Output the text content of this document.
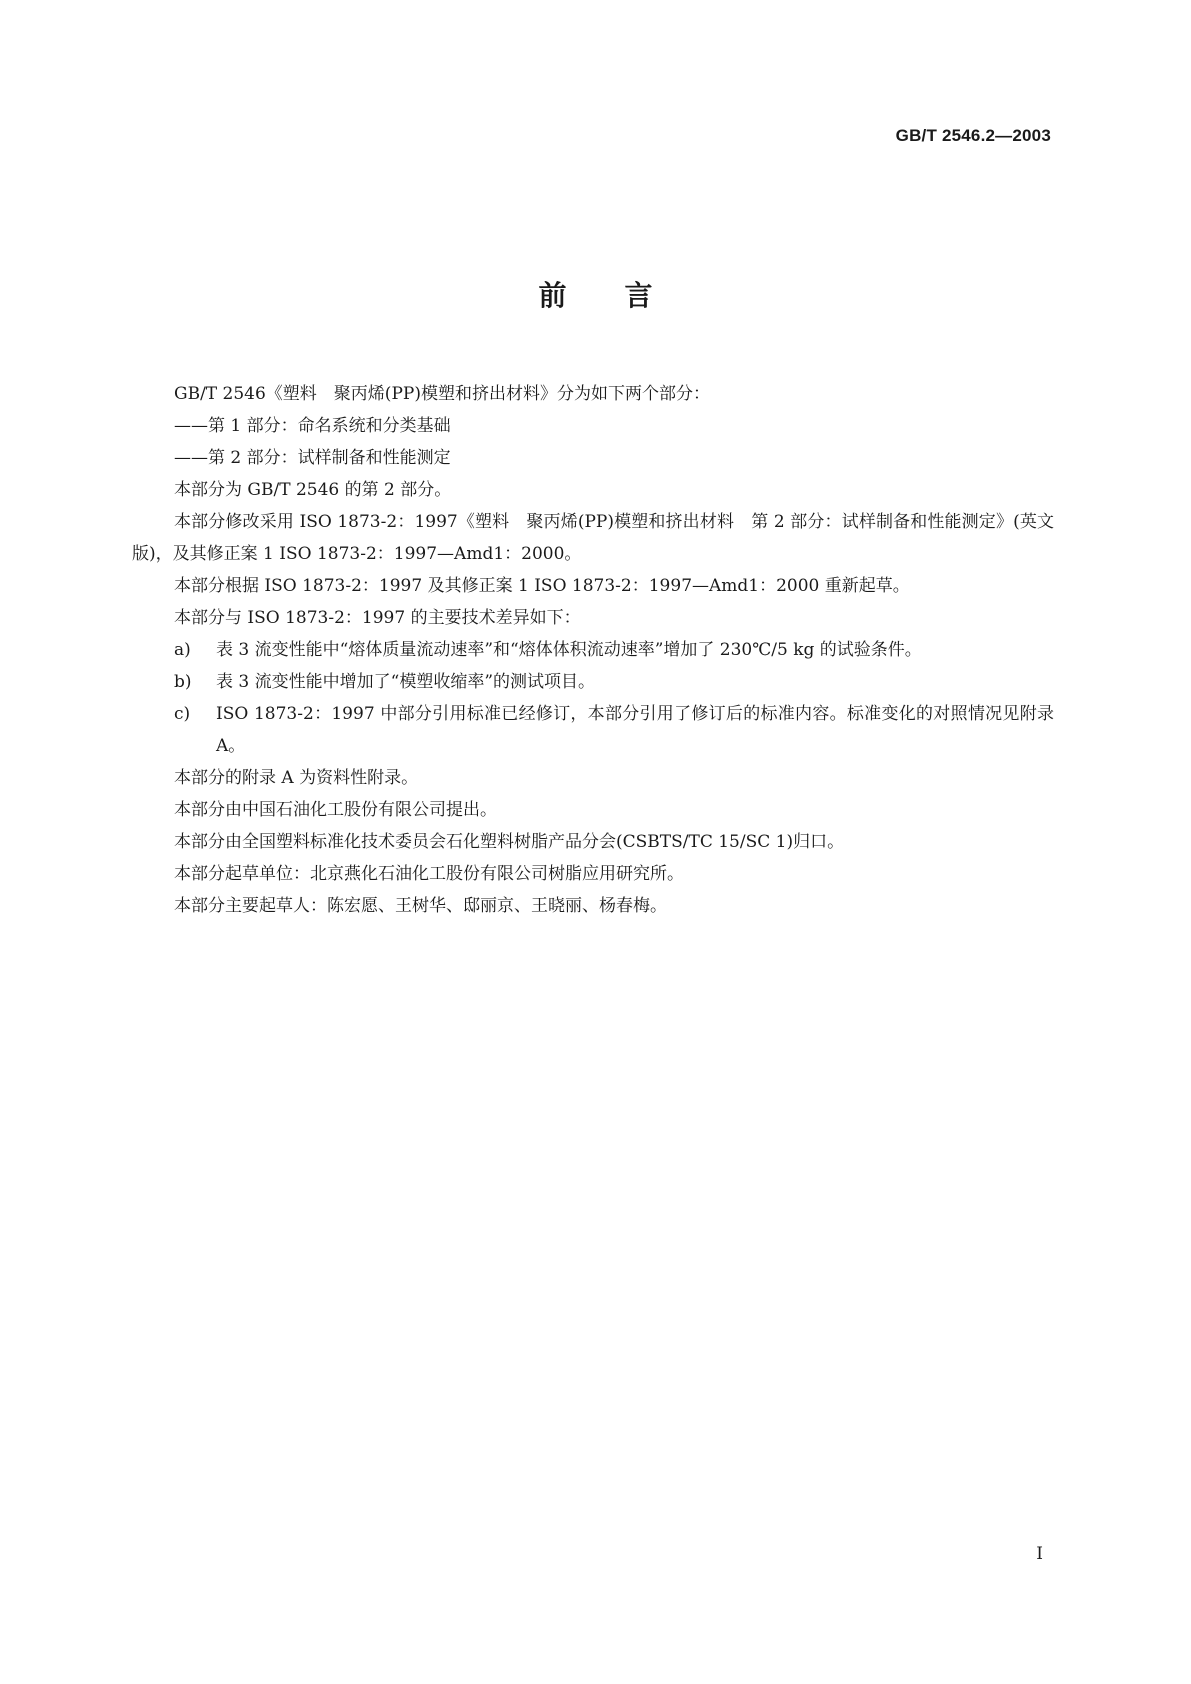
GB/T 2546.2—2003
前言

GB/T 2546《塑料　聚丙烯(PP)模塑和挤出材料》分为如下两个部分：

——第 1 部分：命名系统和分类基础

——第 2 部分：试样制备和性能测定

本部分为 GB/T 2546 的第 2 部分。

本部分修改采用 ISO 1873-2：1997《塑料　聚丙烯(PP)模塑和挤出材料　第 2 部分：试样制备和性能测定》(英文版)，及其修正案 1 ISO 1873-2：1997—Amd1：2000。

本部分根据 ISO 1873-2：1997 及其修正案 1 ISO 1873-2：1997—Amd1：2000 重新起草。

本部分与 ISO 1873-2：1997 的主要技术差异如下：

a) 表 3 流变性能中“熔体质量流动速率”和“熔体体积流动速率”增加了 230℃/5 kg 的试验条件。
b) 表 3 流变性能中增加了“模塑收缩率”的测试项目。
c) ISO 1873-2：1997 中部分引用标准已经修订，本部分引用了修订后的标准内容。标准变化的对照情况见附录 A。

本部分的附录 A 为资料性附录。

本部分由中国石油化工股份有限公司提出。

本部分由全国塑料标准化技术委员会石化塑料树脂产品分会(CSBTS/TC 15/SC 1)归口。

本部分起草单位：北京燕化石油化工股份有限公司树脂应用研究所。

本部分主要起草人：陈宏愿、王树华、邸丽京、王晓丽、杨春梅。

I
